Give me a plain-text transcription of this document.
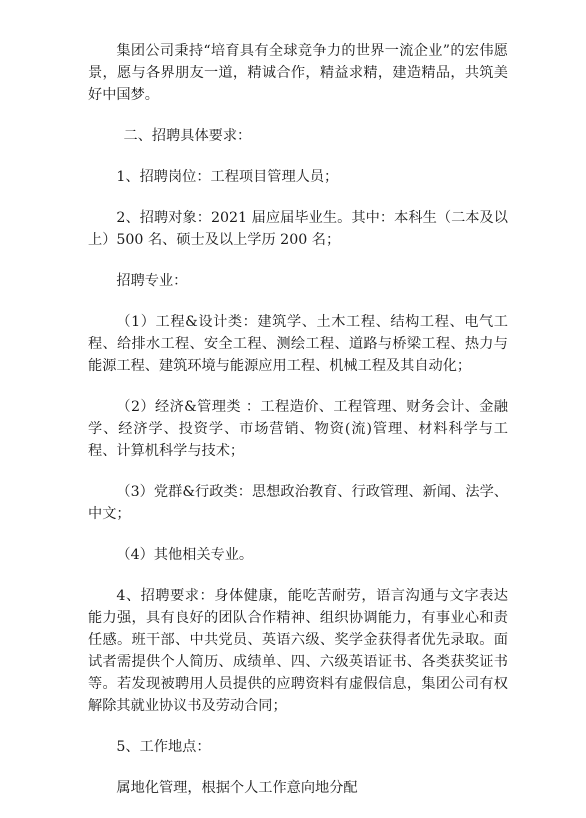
集团公司秉持“培育具有全球竞争力的世界一流企业”的宏伟愿景，愿与各界朋友一道，精诚合作，精益求精，建造精品，共筑美好中国梦。

二、招聘具体要求：

1、招聘岗位：工程项目管理人员；

2、招聘对象：2021 届应届毕业生。其中：本科生（二本及以上）500 名、硕士及以上学历 200 名；

招聘专业：

（1）工程&设计类：建筑学、土木工程、结构工程、电气工程、给排水工程、安全工程、测绘工程、道路与桥梁工程、热力与能源工程、建筑环境与能源应用工程、机械工程及其自动化；

（2）经济&管理类 ：工程造价、工程管理、财务会计、金融学、经济学、投资学、市场营销、物资(流)管理、材料科学与工程、计算机科学与技术；

（3）党群&行政类：思想政治教育、行政管理、新闻、法学、中文；

（4）其他相关专业。

4、招聘要求：身体健康，能吃苦耐劳，语言沟通与文字表达能力强，具有良好的团队合作精神、组织协调能力，有事业心和责任感。班干部、中共党员、英语六级、奖学金获得者优先录取。面试者需提供个人简历、成绩单、四、六级英语证书、各类获奖证书等。若发现被聘用人员提供的应聘资料有虚假信息，集团公司有权解除其就业协议书及劳动合同；

5、工作地点：

属地化管理，根据个人工作意向地分配
